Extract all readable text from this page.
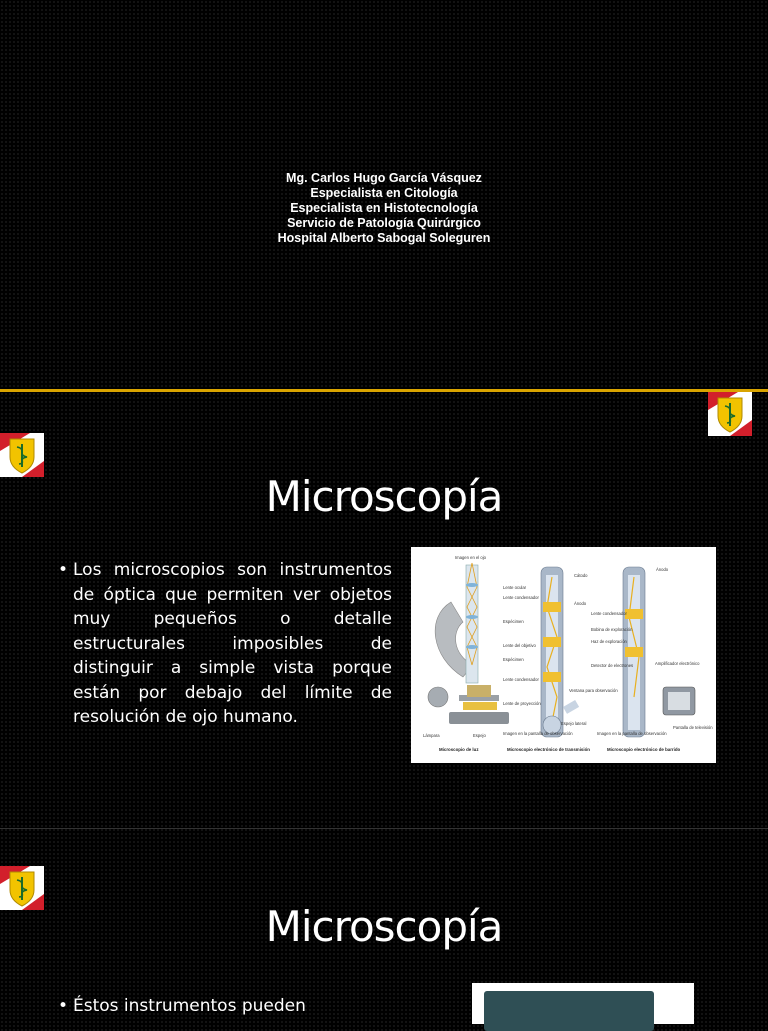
Mg. Carlos Hugo García Vásquez
Especialista en Citología
Especialista en Histotecnología
Servicio de Patología Quirúrgico
Hospital Alberto Sabogal Soleguren
Microscopía
• Los microscopios son instrumentos de óptica que permiten ver objetos muy pequeños o detalle estructurales imposibles de distinguir a simple vista porque están por debajo del límite de resolución de ojo humano.
Imagen en el ojo
Lente ocular
Lente condensador
Espécimen
Lente del objetivo
Espécimen
Lente condensador
Lente de proyección
Lámpara	Espejo
Microscopio de luz
Cátodo
Ánodo
Ventana para observación
Imagen en la pantalla de observación
Microscopio electrónico de transmisión
Ánodo
Lente condensador
Bobina de exploración
Haz de exploración
Detector de electrones	Amplificador electrónico
Espejo lateral
Imagen en la pantalla de observación
Pantalla de televisión
Microscopio electrónico de barrido
Microscopía
• Éstos instrumentos pueden
